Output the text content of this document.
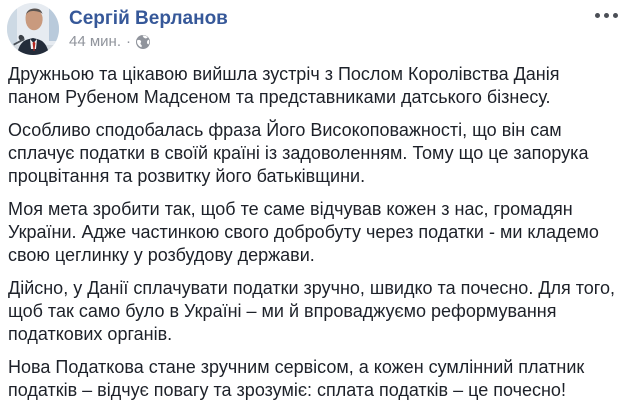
Сергій Верланов
44 мин. ·

Дружньою та цікавою вийшла зустріч з Послом Королівства Данія паном Рубеном Мадсеном та представниками датського бізнесу.

Особливо сподобалась фраза Його Високоповажності, що він сам сплачує податки в своїй країні із задоволенням. Тому що це запорука процвітання та розвитку його батьківщини.

Моя мета зробити так, щоб те саме відчував кожен з нас, громадян України. Адже частинкою свого добробуту через податки - ми кладемо свою цеглинку у розбудову держави.

Дійсно, у Данії сплачувати податки зручно, швидко та почесно. Для того, щоб так само було в Україні – ми й впроваджуємо реформування податкових органів.

Нова Податкова стане зручним сервісом, а кожен сумлінний платник податків – відчує повагу та зрозуміє: сплата податків – це почесно!
